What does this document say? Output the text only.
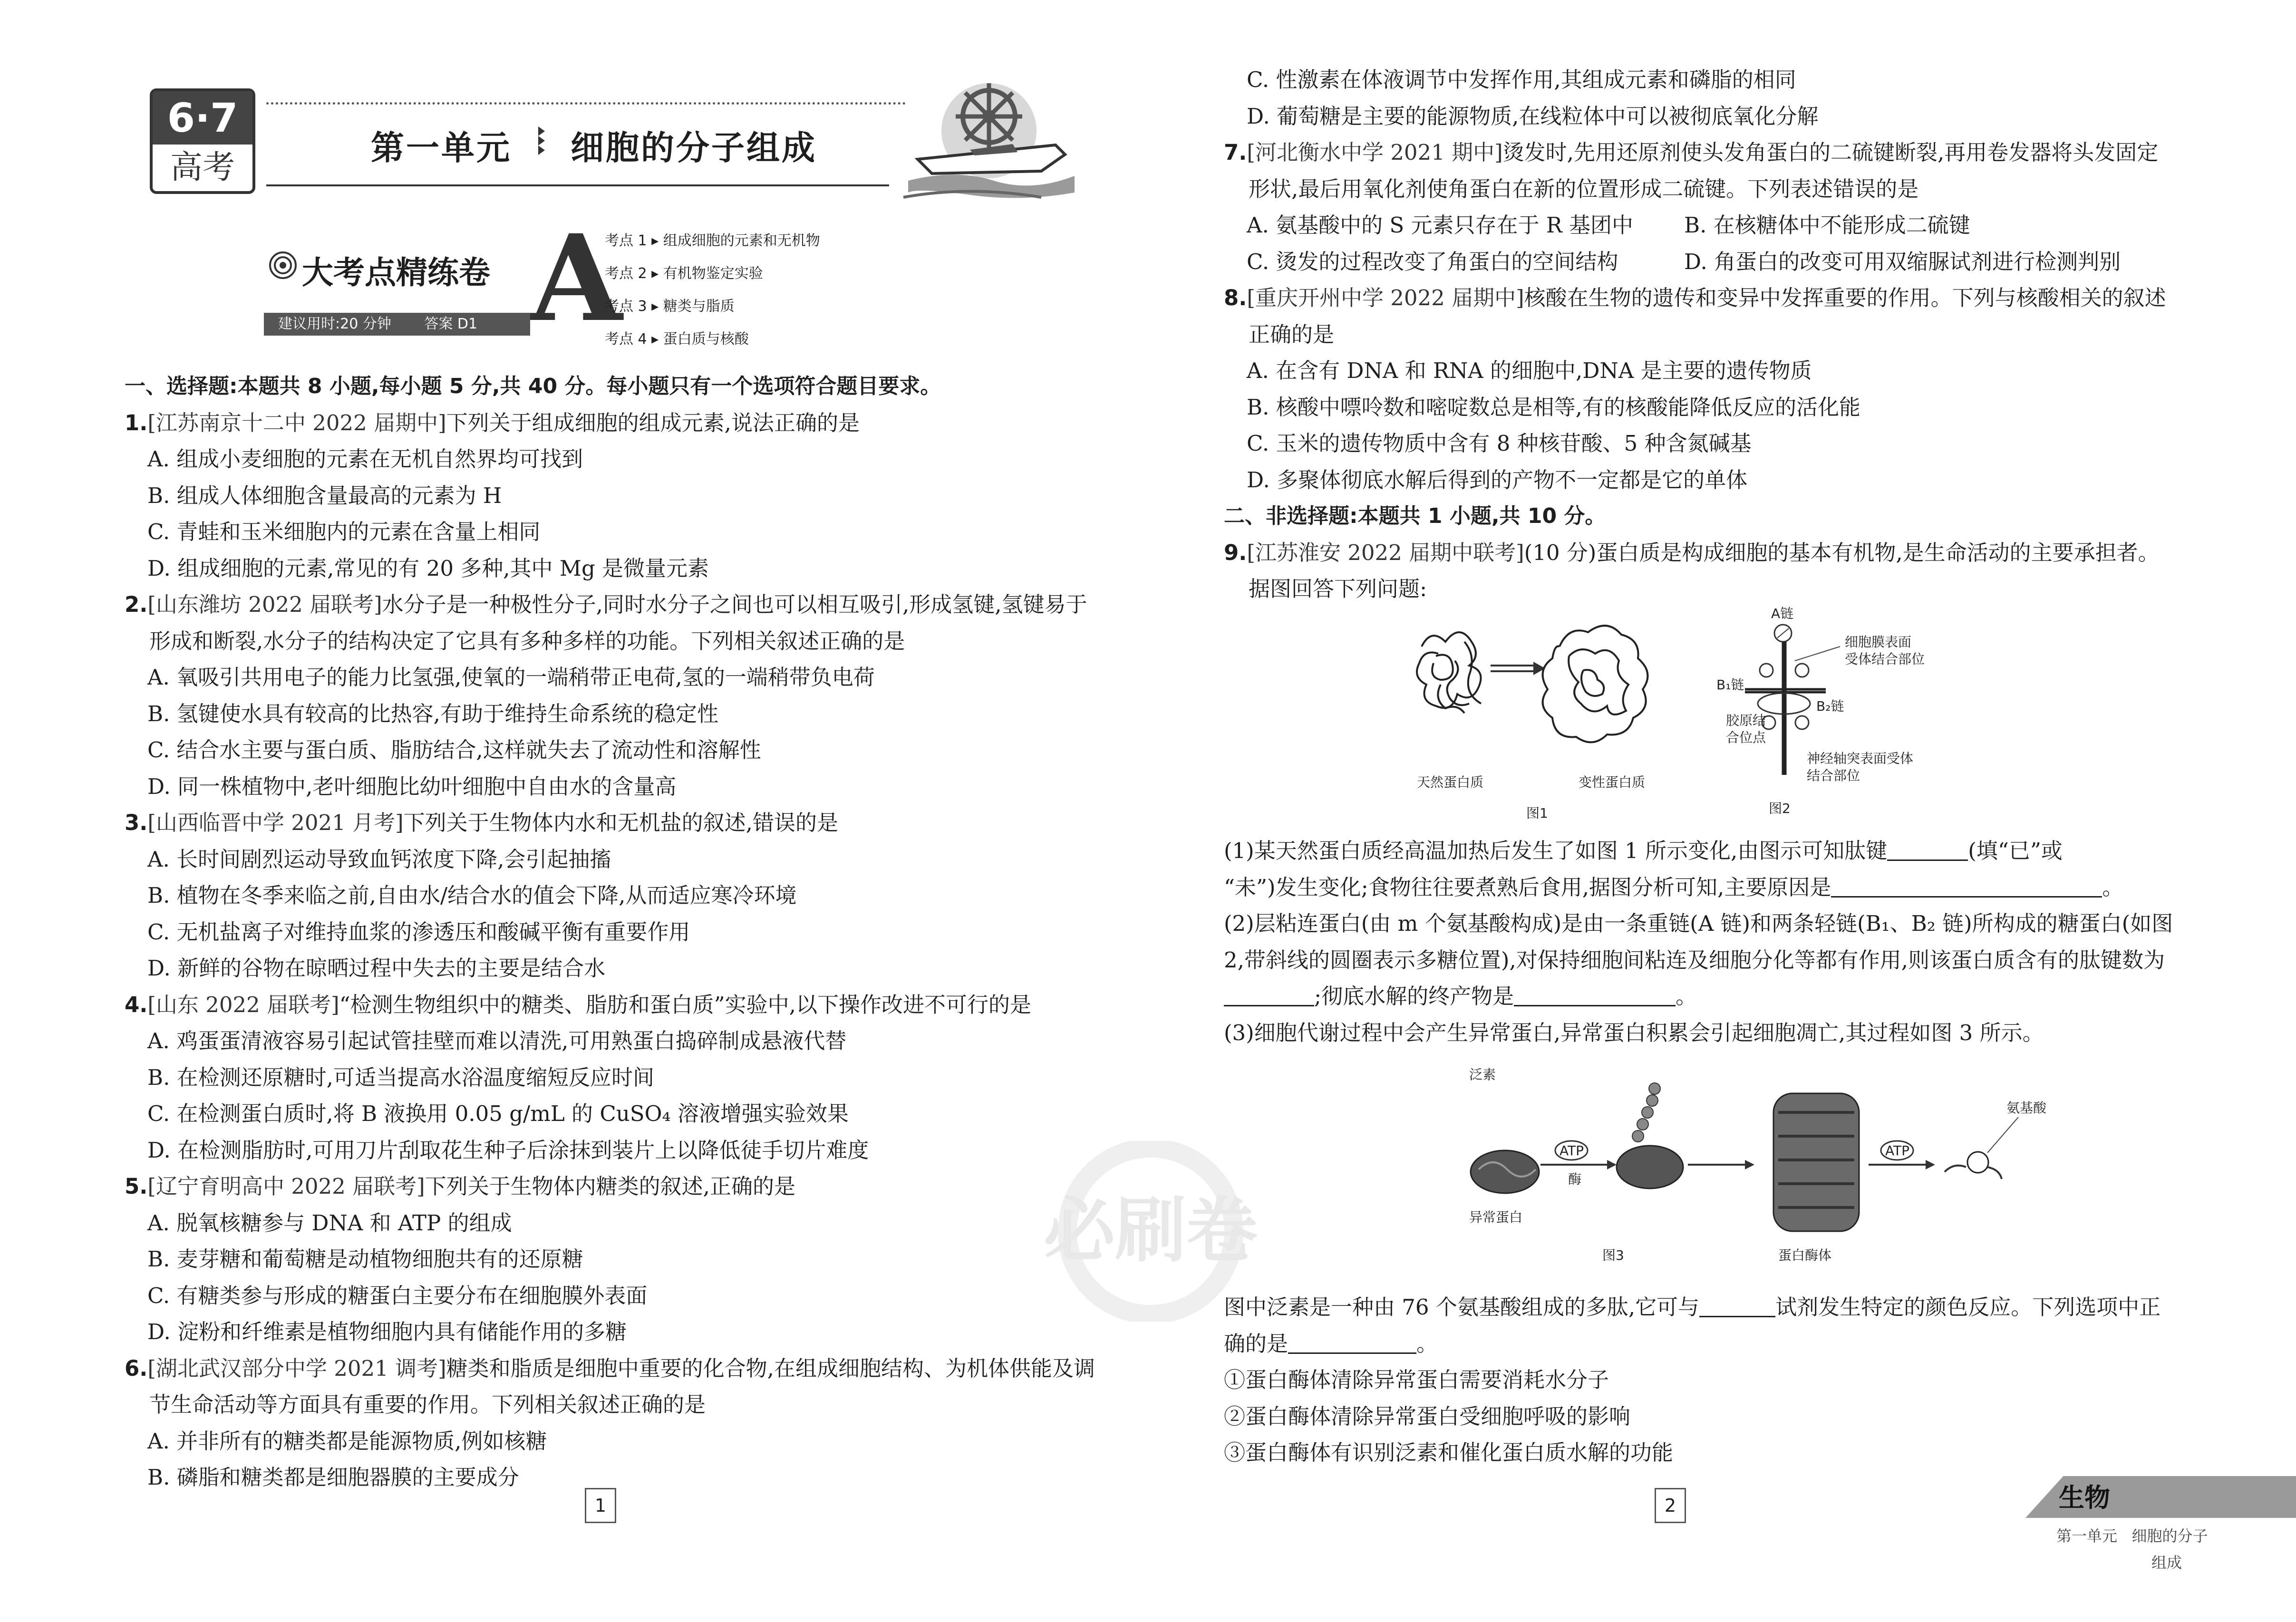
6·7
高考
第一单元 细胞的分子组成
大考点精练卷 A
建议用时:20 分钟 答案 D1
考点 1 ▸ 组成细胞的元素和无机物
考点 2 ▸ 有机物鉴定实验
考点 3 ▸ 糖类与脂质
考点 4 ▸ 蛋白质与核酸
一、选择题:本题共 8 小题,每小题 5 分,共 40 分。每小题只有一个选项符合题目要求。
1.[江苏南京十二中 2022 届期中]下列关于组成细胞的组成元素,说法正确的是
A. 组成小麦细胞的元素在无机自然界均可找到
B. 组成人体细胞含量最高的元素为 H
C. 青蛙和玉米细胞内的元素在含量上相同
D. 组成细胞的元素,常见的有 20 多种,其中 Mg 是微量元素
2.[山东潍坊 2022 届联考]水分子是一种极性分子,同时水分子之间也可以相互吸引,形成氢键,氢键易于形成和断裂,水分子的结构决定了它具有多种多样的功能。下列相关叙述正确的是
A. 氧吸引共用电子的能力比氢强,使氧的一端稍带正电荷,氢的一端稍带负电荷
B. 氢键使水具有较高的比热容,有助于维持生命系统的稳定性
C. 结合水主要与蛋白质、脂肪结合,这样就失去了流动性和溶解性
D. 同一株植物中,老叶细胞比幼叶细胞中自由水的含量高
3.[山西临晋中学 2021 月考]下列关于生物体内水和无机盐的叙述,错误的是
A. 长时间剧烈运动导致血钙浓度下降,会引起抽搐
B. 植物在冬季来临之前,自由水/结合水的值会下降,从而适应寒冷环境
C. 无机盐离子对维持血浆的渗透压和酸碱平衡有重要作用
D. 新鲜的谷物在晾晒过程中失去的主要是结合水
4.[山东 2022 届联考]“检测生物组织中的糖类、脂肪和蛋白质”实验中,以下操作改进不可行的是
A. 鸡蛋蛋清液容易引起试管挂壁而难以清洗,可用熟蛋白捣碎制成悬液代替
B. 在检测还原糖时,可适当提高水浴温度缩短反应时间
C. 在检测蛋白质时,将 B 液换用 0.05 g/mL 的 CuSO₄ 溶液增强实验效果
D. 在检测脂肪时,可用刀片刮取花生种子后涂抹到装片上以降低徒手切片难度
5.[辽宁育明高中 2022 届联考]下列关于生物体内糖类的叙述,正确的是
A. 脱氧核糖参与 DNA 和 ATP 的组成
B. 麦芽糖和葡萄糖是动植物细胞共有的还原糖
C. 有糖类参与形成的糖蛋白主要分布在细胞膜外表面
D. 淀粉和纤维素是植物细胞内具有储能作用的多糖
6.[湖北武汉部分中学 2021 调考]糖类和脂质是细胞中重要的化合物,在组成细胞结构、为机体供能及调节生命活动等方面具有重要的作用。下列相关叙述正确的是
A. 并非所有的糖类都是能源物质,例如核糖
B. 磷脂和糖类都是细胞器膜的主要成分
1
必刷卷
2
C. 性激素在体液调节中发挥作用,其组成元素和磷脂的相同
D. 葡萄糖是主要的能源物质,在线粒体中可以被彻底氧化分解
7.[河北衡水中学 2021 期中]烫发时,先用还原剂使头发角蛋白的二硫键断裂,再用卷发器将头发固定形状,最后用氧化剂使角蛋白在新的位置形成二硫键。下列表述错误的是
A. 氨基酸中的 S 元素只存在于 R 基团中 B. 在核糖体中不能形成二硫键
C. 烫发的过程改变了角蛋白的空间结构	D. 角蛋白的改变可用双缩脲试剂进行检测判别
8.[重庆开州中学 2022 届期中]核酸在生物的遗传和变异中发挥重要的作用。下列与核酸相关的叙述正确的是
A. 在含有 DNA 和 RNA 的细胞中,DNA 是主要的遗传物质
B. 核酸中嘌呤数和嘧啶数总是相等,有的核酸能降低反应的活化能
C. 玉米的遗传物质中含有 8 种核苷酸、5 种含氮碱基
D. 多聚体彻底水解后得到的产物不一定都是它的单体
二、非选择题:本题共 1 小题,共 10 分。
9.[江苏淮安 2022 届期中联考](10 分)蛋白质是构成细胞的基本有机物,是生命活动的主要承担者。据图回答下列问题:
天然蛋白质	变性蛋白质
图1
A链
B₁链
B₂链
细胞膜表面
受体结合部位
胶原结
合位点
神经轴突表面受体
结合部位
图2
(1)某天然蛋白质经高温加热后发生了如图 1 所示变化,由图示可知肽键	(填“已”或
“未”)发生变化;食物往往要煮熟后食用,据图分析可知,主要原因是	。
(2)层粘连蛋白(由 m 个氨基酸构成)是由一条重链(A 链)和两条轻链(B₁、B₂ 链)所构成的糖蛋白(如图 2,带斜线的圆圈表示多糖位置),对保持细胞间粘连及细胞分化等都有作用,则该蛋白质含有的肽键数为;彻底水解的终产物是	。
(3)细胞代谢过程中会产生异常蛋白,异常蛋白积累会引起细胞凋亡,其过程如图 3 所示。
泛素
异常蛋白
ATP
酶
蛋白酶体
ATP
氨基酸
图3
图中泛素是一种由 76 个氨基酸组成的多肽,它可与	试剂发生特定的颜色反应。下列选项中正确的是	。
①蛋白酶体清除异常蛋白需要消耗水分子
②蛋白酶体清除异常蛋白受细胞呼吸的影响
③蛋白酶体有识别泛素和催化蛋白质水解的功能
生物
第一单元 细胞的分子
组成
